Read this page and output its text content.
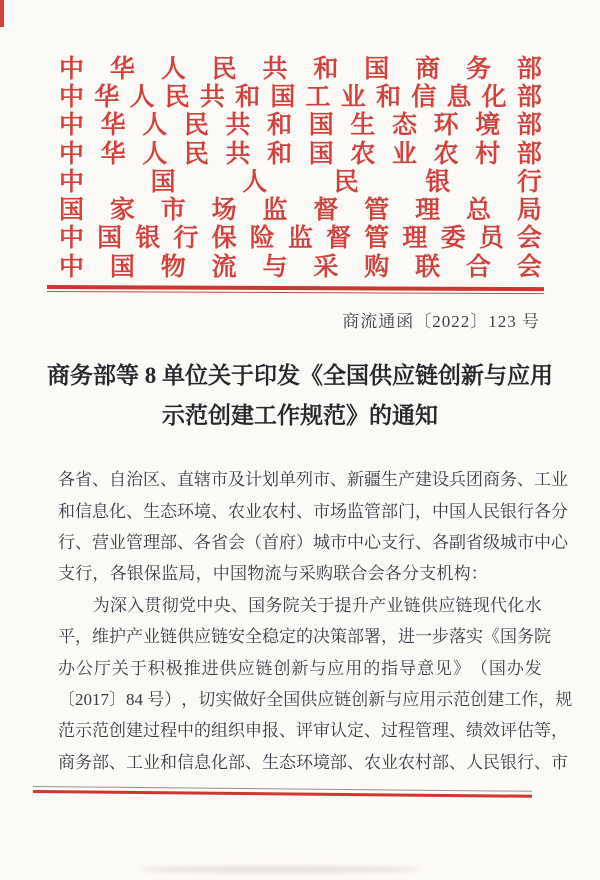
中 华 人 民 共 和 国 商 务 部
中 华 人 民 共 和 国 工 业 和 信 息 化 部
中 华 人 民 共 和 国 生 态 环 境 部
中 华 人 民 共 和 国 农 业 农 村 部
中	国	人	民	银	行
国 家 市 场 监 督 管 理 总 局
中 国 银 行 保 险 监 督 管 理 委 员 会
中 国 物 流 与 采 购 联 合 会
商流通函〔2022〕123 号
商务部等 8 单位关于印发《全国供应链创新与应用
示范创建工作规范》的通知
各 省 、 自 治 区 、 直 辖 市 及 计 划 单 列 市 、 新 疆 生 产 建 设 兵 团 商 务 、 工 业
和 信 息 化 、 生 态 环 境 、 农 业 农 村 、 市 场 监 管 部 门 ， 中 国 人 民 银 行 各 分
行 、 营 业 管 理 部 、 各 省 会 （ 首 府 ） 城 市 中 心 支 行 、 各 副 省 级 城 市 中 心
支行，各银保监局，中国物流与采购联合会各分支机构：

为 深 入 贯 彻 党 中 央 、 国 务 院 关 于 提 升 产 业 链 供 应 链 现 代 化 水
平 ， 维 护 产 业 链 供 应 链 安 全 稳 定 的 决 策 部 署 ， 进 一 步 落 实 《 国 务 院
办 公 厅 关 于 积 极 推 进 供 应 链 创 新 与 应 用 的 指 导 意 见 》 （ 国 办 发
〔 2 0 1 7 〕 8 4
号 ） ， 切 实 做 好 全 国 供 应 链 创 新 与 应 用 示 范 创 建 工 作 ， 规
范 示 范 创 建 过 程 中 的 组 织 申 报 、 评 审 认 定 、 过 程 管 理 、 绩 效 评 估 等 ，
商 务 部 、 工 业 和 信 息 化 部 、 生 态 环 境 部 、 农 业 农 村 部 、 人 民 银 行 、 市
